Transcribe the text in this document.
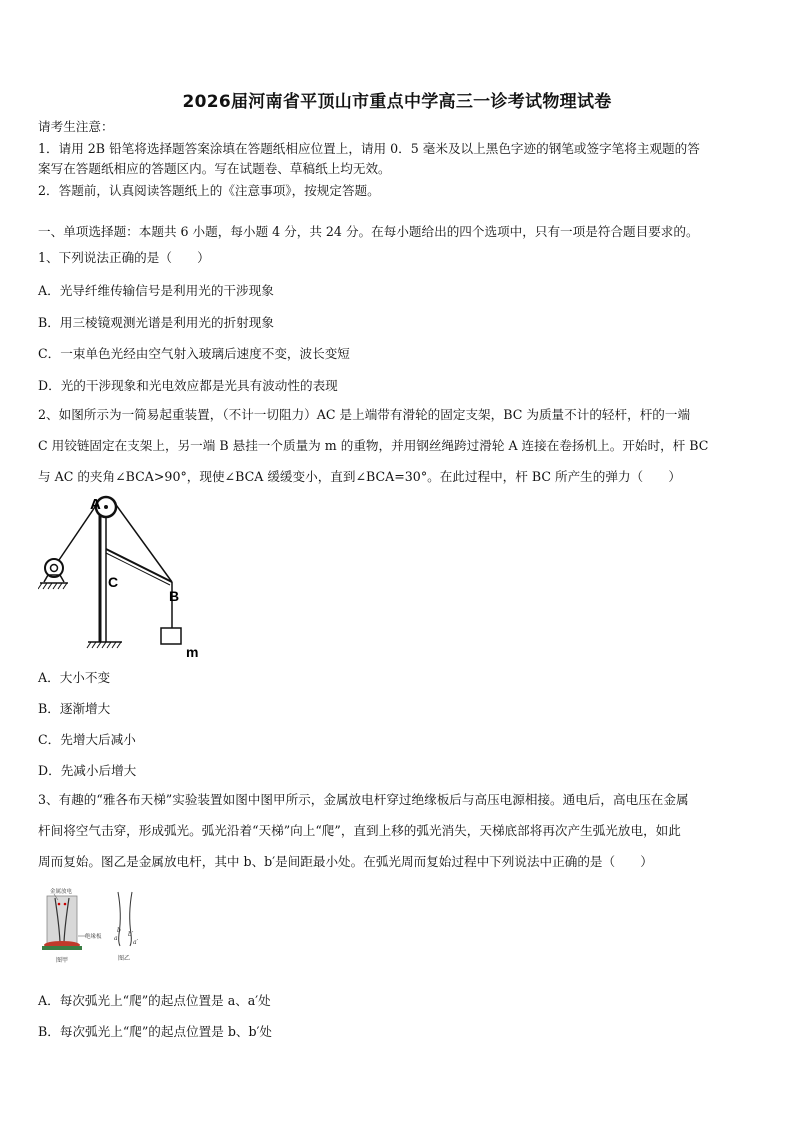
2026届河南省平顶山市重点中学高三一诊考试物理试卷
请考生注意：
1．请用 2B 铅笔将选择题答案涂填在答题纸相应位置上，请用 0．5 毫米及以上黑色字迹的钢笔或签字笔将主观题的答
案写在答题纸相应的答题区内。写在试题卷、草稿纸上均无效。
2．答题前，认真阅读答题纸上的《注意事项》，按规定答题。
一、单项选择题：本题共 6 小题，每小题 4 分，共 24 分。在每小题给出的四个选项中，只有一项是符合题目要求的。
1、下列说法正确的是（　　）
A．光导纤维传输信号是利用光的干涉现象
B．用三棱镜观测光谱是利用光的折射现象
C．一束单色光经由空气射入玻璃后速度不变，波长变短
D．光的干涉现象和光电效应都是光具有波动性的表现
2、如图所示为一简易起重装置，（不计一切阻力）AC 是上端带有滑轮的固定支架，BC 为质量不计的轻杆，杆的一端
C 用铰链固定在支架上，另一端 B 悬挂一个质量为 m 的重物，并用钢丝绳跨过滑轮 A 连接在卷扬机上。开始时，杆 BC
与 AC 的夹角∠BCA>90°，现使∠BCA 缓缓变小，直到∠BCA=30°。在此过程中，杆 BC 所产生的弹力（　　）
A
C
B
m
A．大小不变
B．逐渐增大
C．先增大后减小
D．先减小后增大
3、有趣的“雅各布天梯”实验装置如图中图甲所示，金属放电杆穿过绝缘板后与高压电源相接。通电后，高电压在金属
杆间将空气击穿，形成弧光。弧光沿着“天梯”向上“爬”，直到上移的弧光消失，天梯底部将再次产生弧光放电，如此
周而复始。图乙是金属放电杆，其中 b、b′是间距最小处。在弧光周而复始过程中下列说法中正确的是（　　）
金属放电
绝缘板
图甲
a
a′
b
b′
图乙
A．每次弧光上“爬”的起点位置是 a、a′处
B．每次弧光上“爬”的起点位置是 b、b′处
